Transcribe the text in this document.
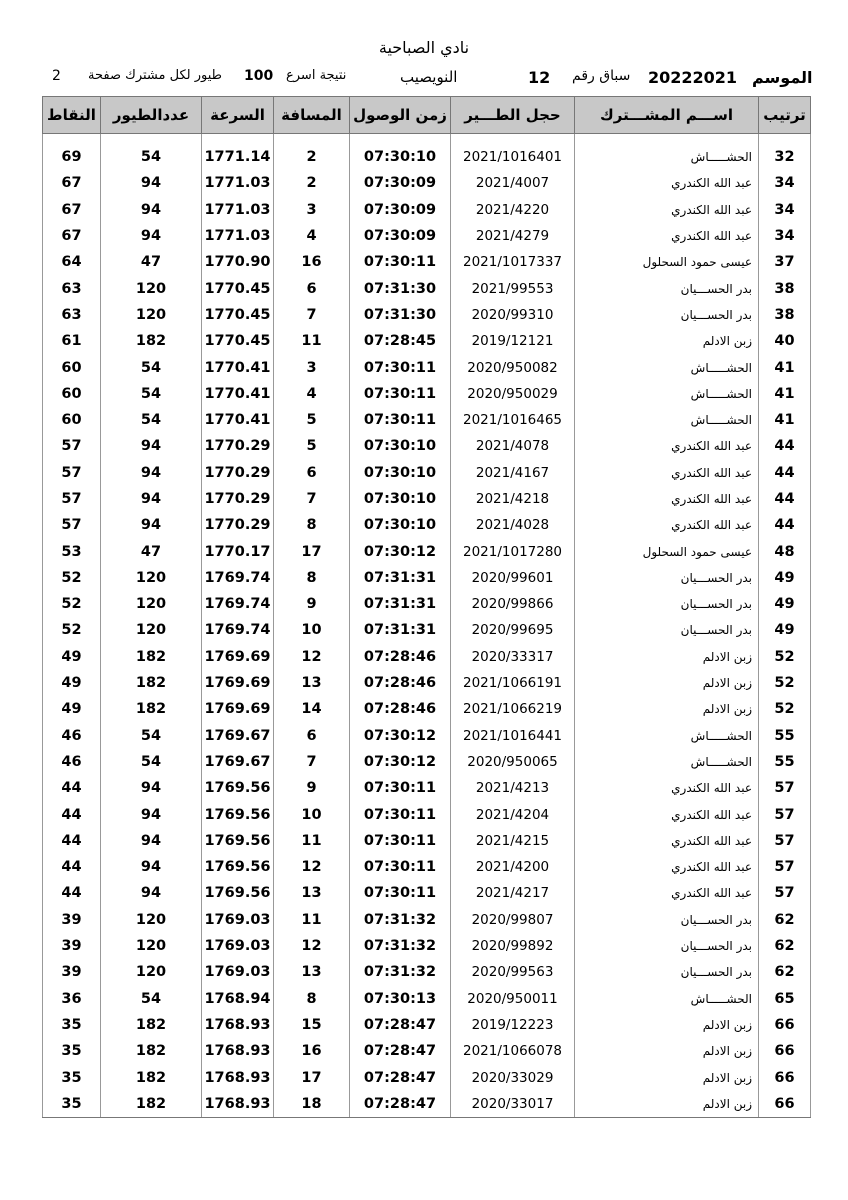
نادي الصباحية
2 طيور لكل مشترك صفحة 100 نتيجة اسرع	النويصيب	12 سباق رقم 20222021 الموسم
النقاط	عددالطيور	السرعة	المسافة	زمن الوصول	حجل الطـــير	اســـم المشـــترك	ترتيب

69	54	1771.14	2	07:30:10	2021/1016401	الحشـــــاش	32
67	94	1771.03	2	07:30:09	2021/4007	عبد الله الكندري	34
67	94	1771.03	3	07:30:09	2021/4220	عبد الله الكندري	34
67	94	1771.03	4	07:30:09	2021/4279	عبد الله الكندري	34
64	47	1770.90	16	07:30:11	2021/1017337	عيسى حمود السحلول	37
63	120	1770.45	6	07:31:30	2021/99553	بدر الحســـيان	38
63	120	1770.45	7	07:31:30	2020/99310	بدر الحســـيان	38
61	182	1770.45	11	07:28:45	2019/12121	زبن الادلم	40
60	54	1770.41	3	07:30:11	2020/950082	الحشـــــاش	41
60	54	1770.41	4	07:30:11	2020/950029	الحشـــــاش	41
60	54	1770.41	5	07:30:11	2021/1016465	الحشـــــاش	41
57	94	1770.29	5	07:30:10	2021/4078	عبد الله الكندري	44
57	94	1770.29	6	07:30:10	2021/4167	عبد الله الكندري	44
57	94	1770.29	7	07:30:10	2021/4218	عبد الله الكندري	44
57	94	1770.29	8	07:30:10	2021/4028	عبد الله الكندري	44
53	47	1770.17	17	07:30:12	2021/1017280	عيسى حمود السحلول	48
52	120	1769.74	8	07:31:31	2020/99601	بدر الحســـيان	49
52	120	1769.74	9	07:31:31	2020/99866	بدر الحســـيان	49
52	120	1769.74	10	07:31:31	2020/99695	بدر الحســـيان	49
49	182	1769.69	12	07:28:46	2020/33317	زبن الادلم	52
49	182	1769.69	13	07:28:46	2021/1066191	زبن الادلم	52
49	182	1769.69	14	07:28:46	2021/1066219	زبن الادلم	52
46	54	1769.67	6	07:30:12	2021/1016441	الحشـــــاش	55
46	54	1769.67	7	07:30:12	2020/950065	الحشـــــاش	55
44	94	1769.56	9	07:30:11	2021/4213	عبد الله الكندري	57
44	94	1769.56	10	07:30:11	2021/4204	عبد الله الكندري	57
44	94	1769.56	11	07:30:11	2021/4215	عبد الله الكندري	57
44	94	1769.56	12	07:30:11	2021/4200	عبد الله الكندري	57
44	94	1769.56	13	07:30:11	2021/4217	عبد الله الكندري	57
39	120	1769.03	11	07:31:32	2020/99807	بدر الحســـيان	62
39	120	1769.03	12	07:31:32	2020/99892	بدر الحســـيان	62
39	120	1769.03	13	07:31:32	2020/99563	بدر الحســـيان	62
36	54	1768.94	8	07:30:13	2020/950011	الحشـــــاش	65
35	182	1768.93	15	07:28:47	2019/12223	زبن الادلم	66
35	182	1768.93	16	07:28:47	2021/1066078	زبن الادلم	66
35	182	1768.93	17	07:28:47	2020/33029	زبن الادلم	66
35	182	1768.93	18	07:28:47	2020/33017	زبن الادلم	66
